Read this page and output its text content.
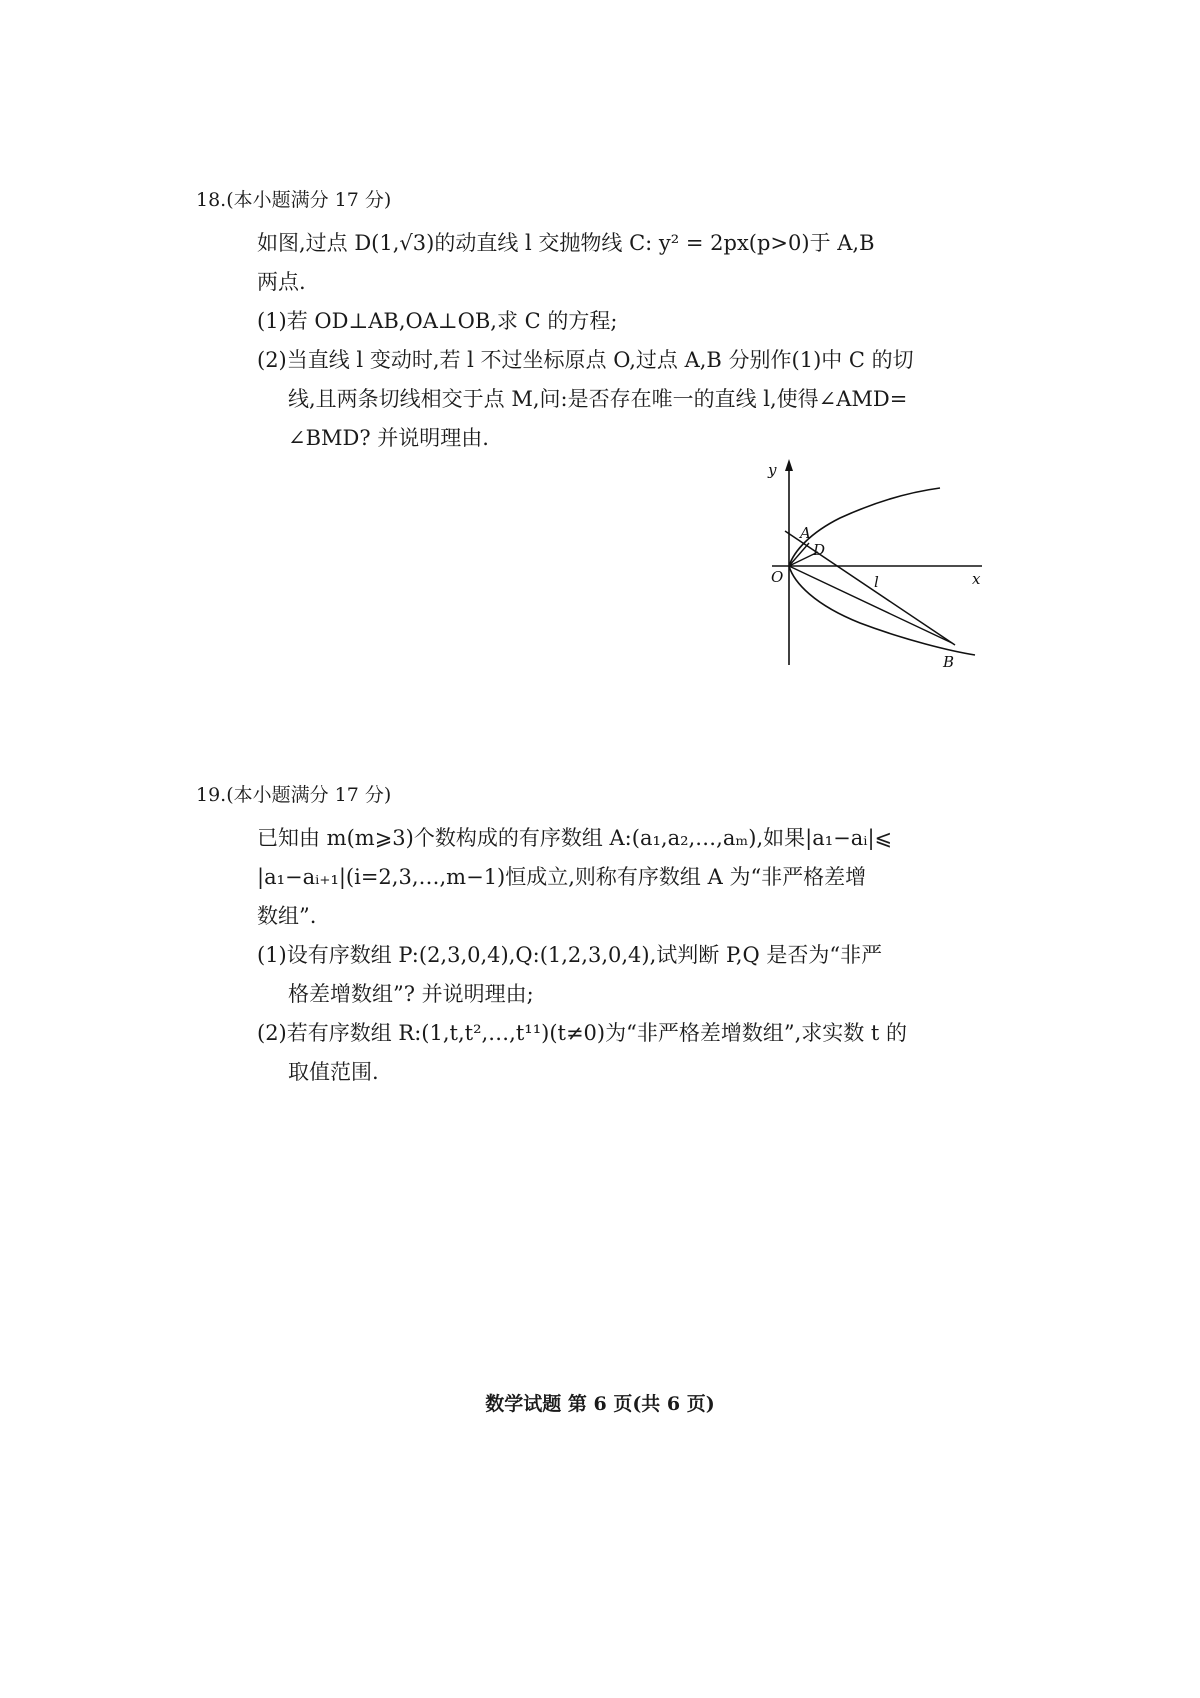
18.(本小题满分 17 分)
如图,过点 D(1,√3)的动直线 l 交抛物线 C: y² = 2px(p>0)于 A,B
两点.
(1)若 OD⊥AB,OA⊥OB,求 C 的方程;
(2)当直线 l 变动时,若 l 不过坐标原点 O,过点 A,B 分别作(1)中 C 的切
线,且两条切线相交于点 M,问:是否存在唯一的直线 l,使得∠AMD=
∠BMD? 并说明理由.
y
x
O
A
D
l
B
19.(本小题满分 17 分)
已知由 m(m⩾3)个数构成的有序数组 A:(a₁,a₂,…,aₘ),如果|a₁−aᵢ|⩽
|a₁−aᵢ₊₁|(i=2,3,…,m−1)恒成立,则称有序数组 A 为“非严格差增
数组”.
(1)设有序数组 P:(2,3,0,4),Q:(1,2,3,0,4),试判断 P,Q 是否为“非严
格差增数组”? 并说明理由;
(2)若有序数组 R:(1,t,t²,…,t¹¹)(t≠0)为“非严格差增数组”,求实数 t 的
取值范围.
数学试题 第 6 页(共 6 页)
